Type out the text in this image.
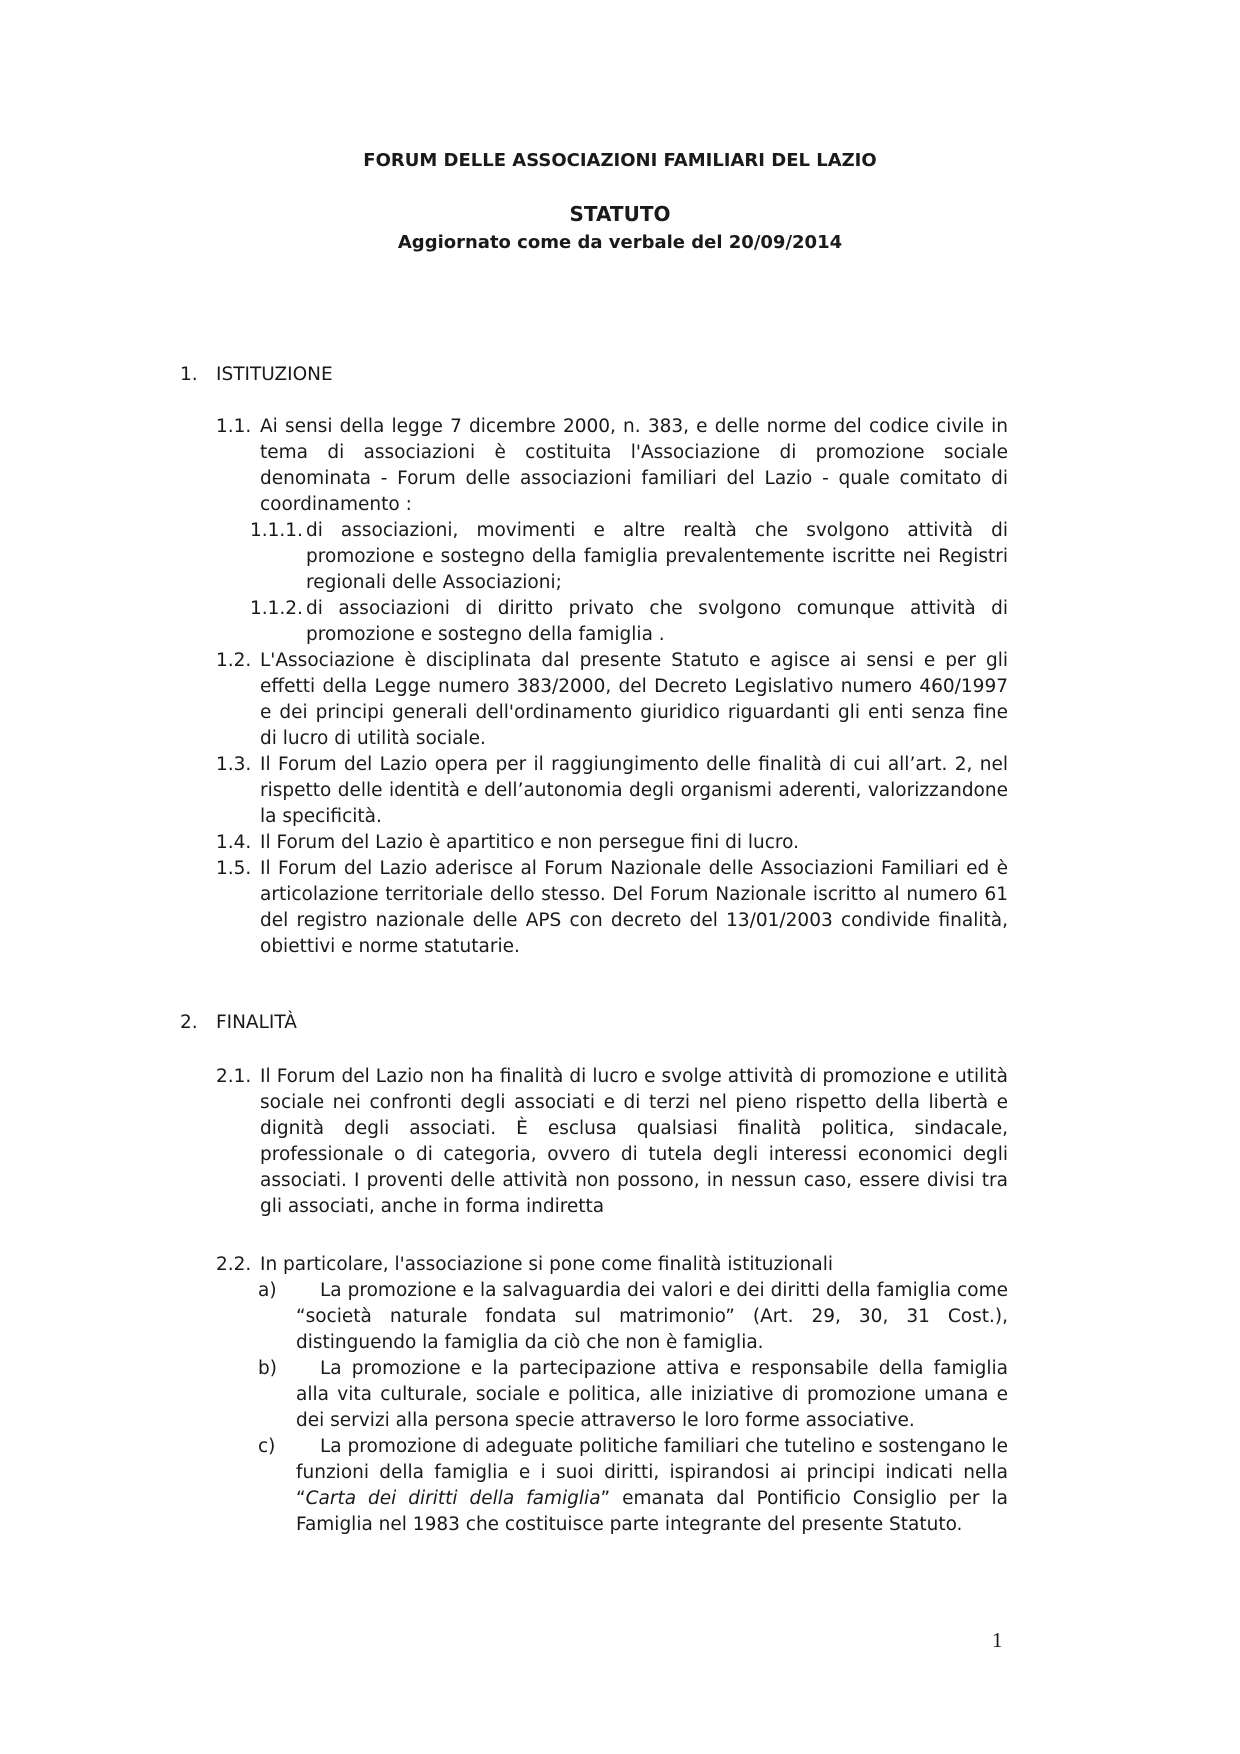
FORUM DELLE ASSOCIAZIONI FAMILIARI DEL LAZIO
STATUTO
Aggiornato come da verbale del 20/09/2014
1. ISTITUZIONE
1.1. Ai sensi della legge 7 dicembre 2000, n. 383, e delle norme del codice civile in tema di associazioni è costituita l'Associazione di promozione sociale denominata - Forum delle associazioni familiari del Lazio - quale comitato di coordinamento :
1.1.1. di associazioni, movimenti e altre realtà che svolgono attività di promozione e sostegno della famiglia prevalentemente iscritte nei Registri regionali delle Associazioni;
1.1.2. di associazioni di diritto privato che svolgono comunque attività di promozione e sostegno della famiglia .
1.2. L'Associazione è disciplinata dal presente Statuto e agisce ai sensi e per gli effetti della Legge numero 383/2000, del Decreto Legislativo numero 460/1997 e dei principi generali dell'ordinamento giuridico riguardanti gli enti senza fine di lucro di utilità sociale.
1.3. Il Forum del Lazio opera per il raggiungimento delle finalità di cui all’art. 2, nel rispetto delle identità e dell’autonomia degli organismi aderenti, valorizzandone la specificità.
1.4. Il Forum del Lazio è apartitico e non persegue fini di lucro.
1.5. Il Forum del Lazio aderisce al Forum Nazionale delle Associazioni Familiari ed è articolazione territoriale dello stesso. Del Forum Nazionale iscritto al numero 61 del registro nazionale delle APS con decreto del 13/01/2003 condivide finalità, obiettivi e norme statutarie.
2. FINALITÀ
2.1. Il Forum del Lazio non ha finalità di lucro e svolge attività di promozione e utilità sociale nei confronti degli associati e di terzi nel pieno rispetto della libertà e dignità degli associati. È esclusa qualsiasi finalità politica, sindacale, professionale o di categoria, ovvero di tutela degli interessi economici degli associati. I proventi delle attività non possono, in nessun caso, essere divisi tra gli associati, anche in forma indiretta
2.2. In particolare, l'associazione si pone come finalità istituzionali
a)	La promozione e la salvaguardia dei valori e dei diritti della famiglia come “società naturale fondata sul matrimonio” (Art. 29, 30, 31 Cost.), distinguendo la famiglia da ciò che non è famiglia.
b)	La promozione e la partecipazione attiva e responsabile della famiglia alla vita culturale, sociale e politica, alle iniziative di promozione umana e dei servizi alla persona specie attraverso le loro forme associative.
c)	La promozione di adeguate politiche familiari che tutelino e sostengano le funzioni della famiglia e i suoi diritti, ispirandosi ai principi indicati nella “Carta dei diritti della famiglia” emanata dal Pontificio Consiglio per la Famiglia nel 1983 che costituisce parte integrante del presente Statuto.
1
